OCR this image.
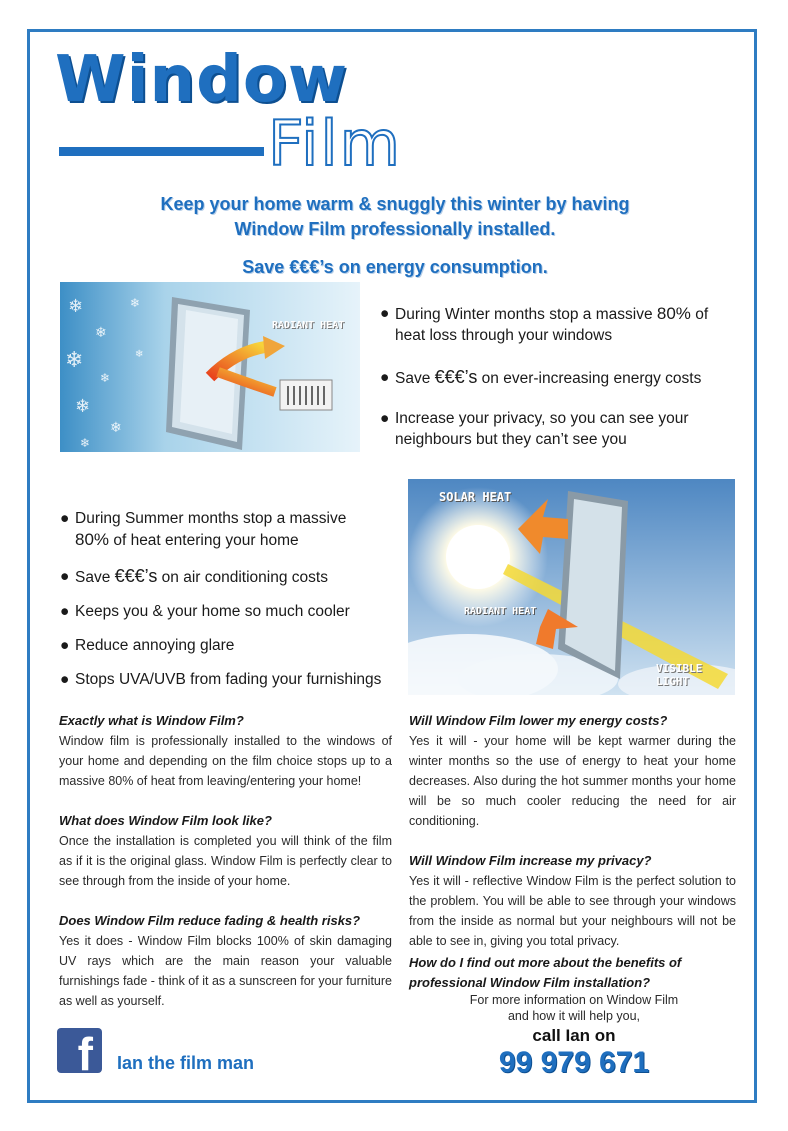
Window
Film
Keep your home warm & snuggly this winter by having
Window Film professionally installed.
Save €€€’s on energy consumption.
❄
❄
❄
❄
❄
❄
❄
❄
❄
RADIANT HEAT
● During Winter months stop a massive 80% of
heat loss through your windows
● Save €€€’s on ever-increasing energy costs
● Increase your privacy, so you can see your
neighbours but they can’t see you
SOLAR HEAT
RADIANT HEAT
VISIBLE LIGHT
● During Summer months stop a massive
80% of heat entering your home
● Save €€€’s on air conditioning costs
● Keeps you & your home so much cooler
● Reduce annoying glare
● Stops UVA/UVB from fading your furnishings

Exactly what is Window Film?

Window film is professionally installed to the windows of your home and depending on the film choice stops up to a massive 80% of heat from leaving/entering your home!

What does Window Film look like?

Once the installation is completed you will think of the film as if it is the original glass. Window Film is perfectly clear to see through from the inside of your home.

Does Window Film reduce fading & health risks?

Yes it does - Window Film blocks 100% of skin damaging UV rays which are the main reason your valuable furnishings fade - think of it as a sunscreen for your furniture as well as yourself.

Will Window Film lower my energy costs?

Yes it will - your home will be kept warmer during the winter months so the use of energy to heat your home decreases. Also during the hot summer months your home will be so much cooler reducing the need for air conditioning.

Will Window Film increase my privacy?

Yes it will - reflective Window Film is the perfect solution to the problem. You will be able to see through your windows from the inside as normal but your neighbours will not be able to see in, giving you total privacy.

How do I find out more about the benefits of

professional Window Film installation?

For more information on Window Film
and how it will help you,
call Ian on
99 979 671
f Ian the film man
